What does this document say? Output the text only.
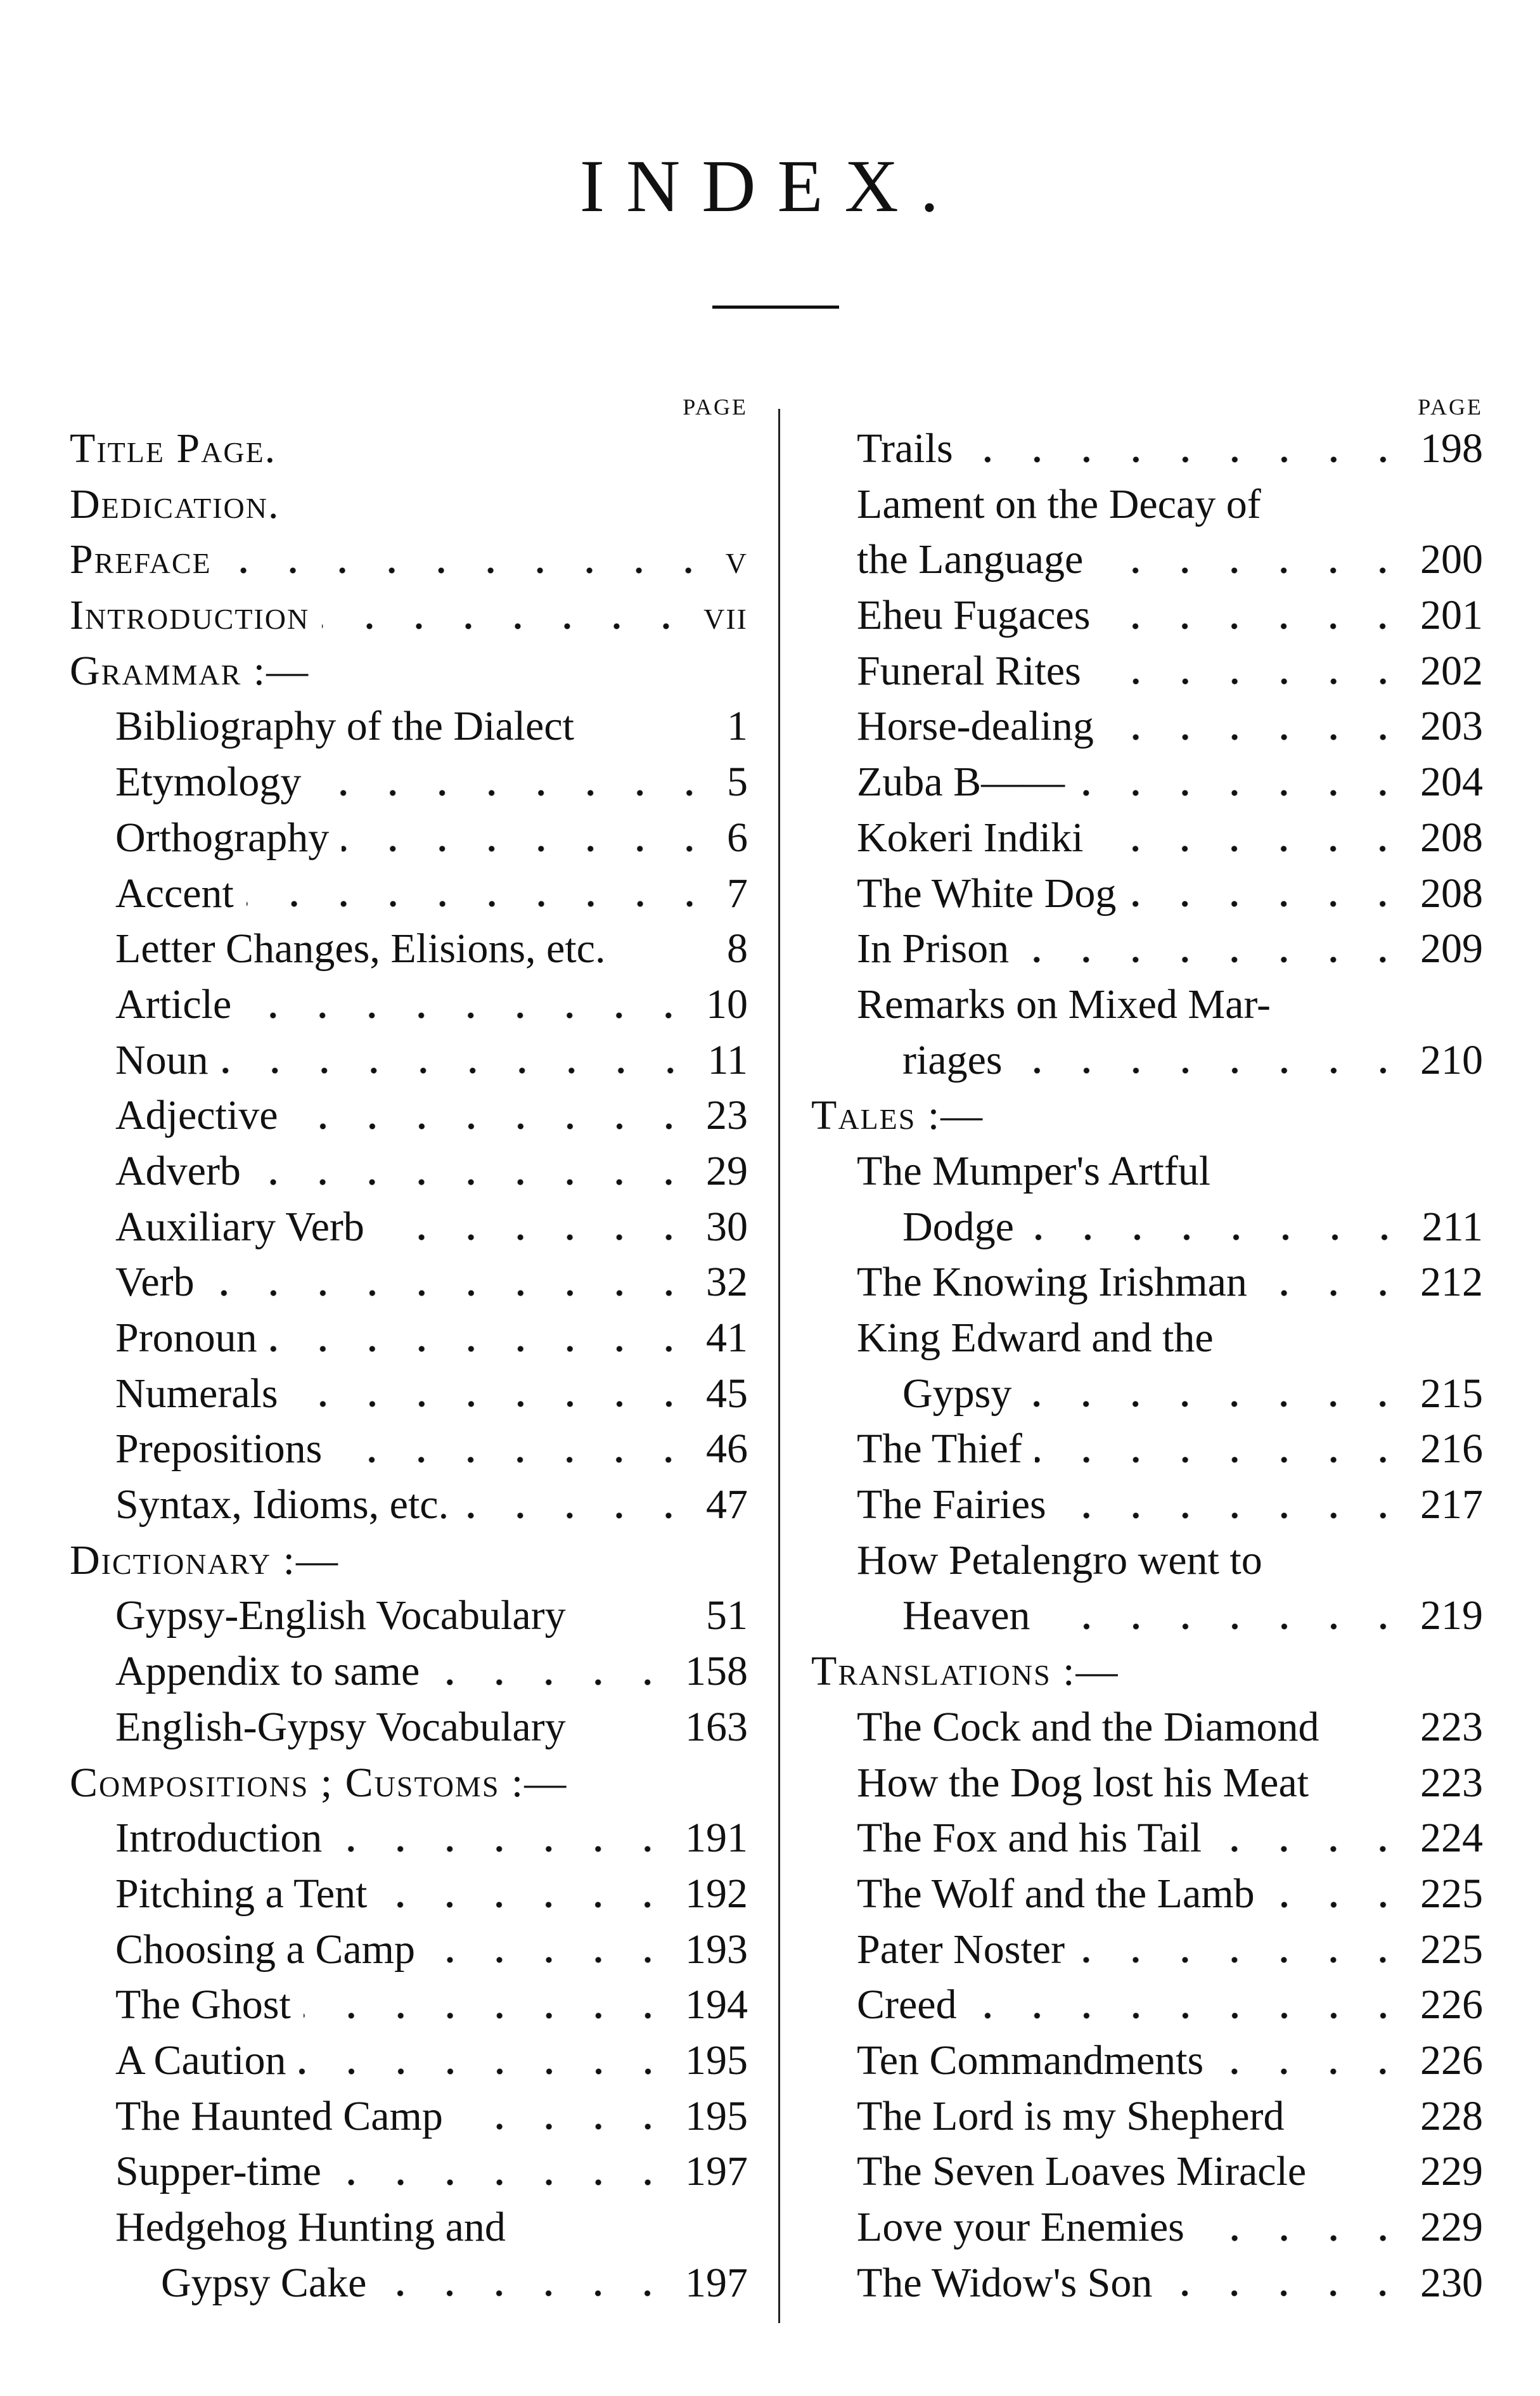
INDEX.
PAGE
Title Page.
Dedication.
Preface	v
Introduction	vii
Grammar :—
Bibliography of the Dialect	1
Etymology	5
Orthography	6
Accent	7
Letter Changes, Elisions, etc.	8
Article	10
Noun	11
Adjective	23
Adverb	29
Auxiliary Verb	30
Verb	32
Pronoun	41
Numerals	45
Prepositions	46
Syntax, Idioms, etc.	47
Dictionary :—
Gypsy-English Vocabulary	51
Appendix to same	158
English-Gypsy Vocabulary	163
Compositions ; Customs :—
Introduction	191
Pitching a Tent	192
Choosing a Camp	193
The Ghost	194
A Caution	195
The Haunted Camp	195
Supper-time	197
Hedgehog Hunting and
Gypsy Cake	197
PAGE
Trails	198
Lament on the Decay of
the Language	200
Eheu Fugaces	201
Funeral Rites	202
Horse-dealing	203
Zuba B——	204
Kokeri Indiki	208
The White Dog	208
In Prison	209
Remarks on Mixed Mar-
riages	210
Tales :—
The Mumper's Artful
Dodge	211
The Knowing Irishman	212
King Edward and the
Gypsy	215
The Thief	216
The Fairies	217
How Petalengro went to
Heaven	219
Translations :—
The Cock and the Diamond 223
How the Dog lost his Meat	223
The Fox and his Tail	224
The Wolf and the Lamb	225
Pater Noster	225
Creed	226
Ten Commandments	226
The Lord is my Shepherd	228
The Seven Loaves Miracle	229
Love your Enemies	229
The Widow's Son	230
